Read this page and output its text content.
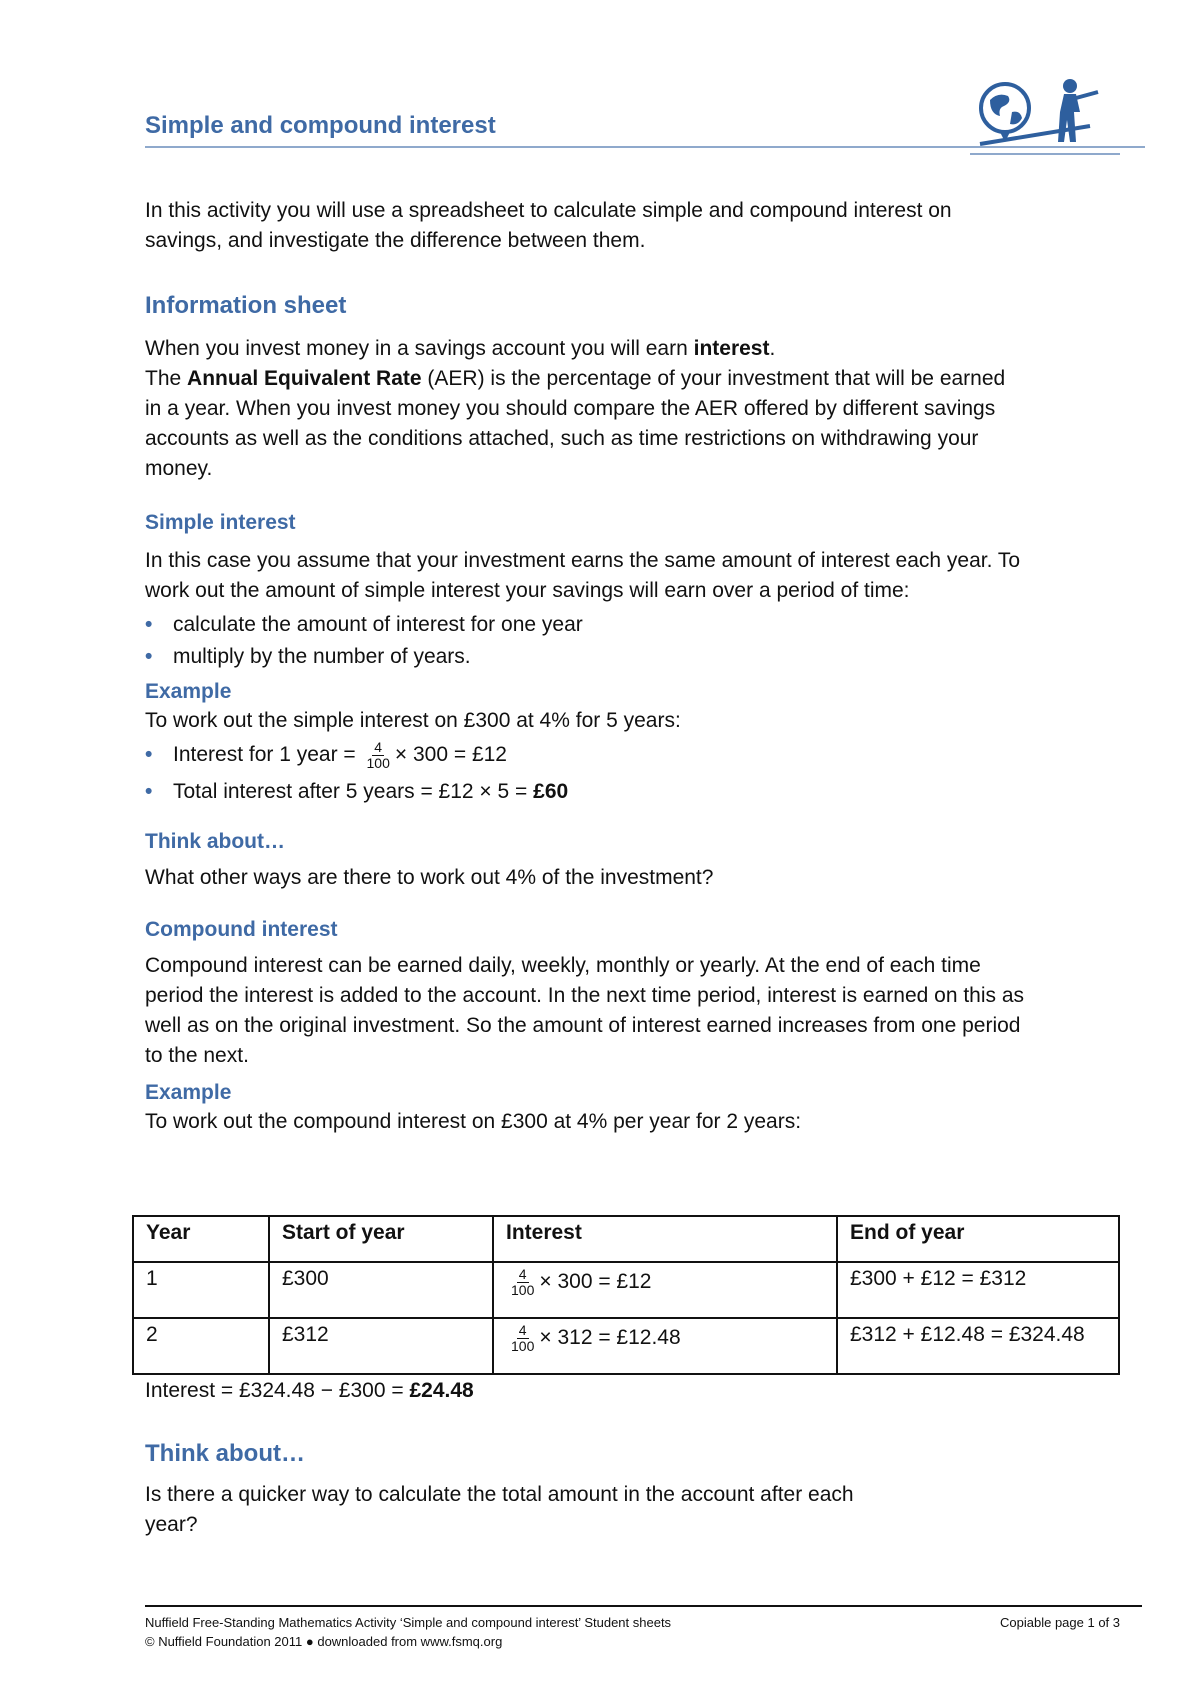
Simple and compound interest

In this activity you will use a spreadsheet to calculate simple and compound interest on savings, and investigate the difference between them.

Information sheet

When you invest money in a savings account you will earn interest.
The Annual Equivalent Rate (AER) is the percentage of your investment that will be earned in a year. When you invest money you should compare the AER offered by different savings accounts as well as the conditions attached, such as time restrictions on withdrawing your money.

Simple interest

In this case you assume that your investment earns the same amount of interest each year. To work out the amount of simple interest your savings will earn over a period of time:

• calculate the amount of interest for one year
• multiply by the number of years.
Example

To work out the simple interest on £300 at 4% for 5 years:

• Interest for 1 year = $\frac{4}{100} \times 300$ = £12
• Total interest after 5 years = £12 × 5 = £60
Think about…

What other ways are there to work out 4% of the investment?

Compound interest

Compound interest can be earned daily, weekly, monthly or yearly. At the end of each time period the interest is added to the account. In the next time period, interest is earned on this as well as on the original investment. So the amount of interest earned increases from one period to the next.

Example

To work out the compound interest on £300 at 4% per year for 2 years:

Year	Start of year	Interest	End of year
1	£300	$\frac{4}{100} \times 300$ = £12	£300 + £12 = £312
2	£312	$\frac{4}{100} \times 312$ = £12.48	£312 + £12.48 = £324.48

Interest = £324.48 − £300 = £24.48

Think about…

Is there a quicker way to calculate the total amount in the account after each year?

Nuffield Free-Standing Mathematics Activity ‘Simple and compound interest’ Student sheets
© Nuffield Foundation 2011 ● downloaded from www.fsmq.org
Copiable page 1 of 3
